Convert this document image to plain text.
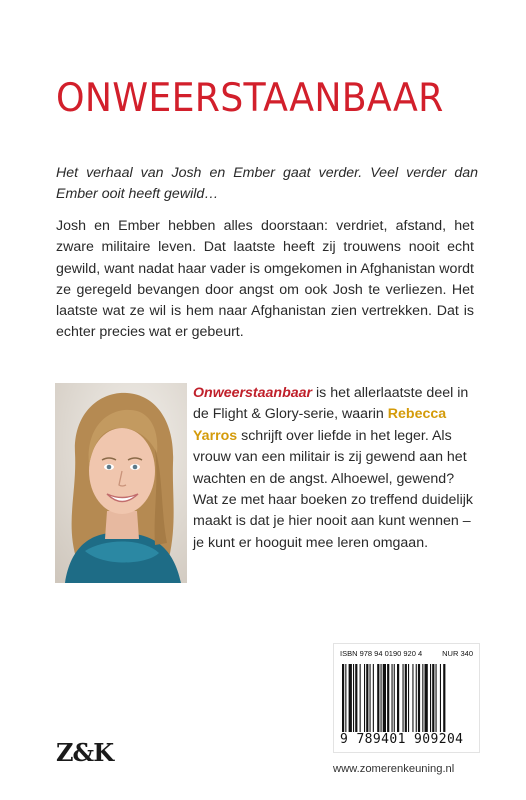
ONWEERSTAANBAAR

Het verhaal van Josh en Ember gaat verder. Veel verder dan Ember ooit heeft gewild…

Josh en Ember hebben alles doorstaan: verdriet, afstand, het zware militaire leven. Dat laatste heeft zij trouwens nooit echt gewild, want nadat haar vader is omgekomen in Afghanistan wordt ze geregeld bevangen door angst om ook Josh te verliezen. Het laatste wat ze wil is hem naar Afghanistan zien vertrekken. Dat is echter precies wat er gebeurt.

Onweerstaanbaar is het allerlaatste deel in de Flight & Glory-serie, waarin Rebecca Yarros schrijft over liefde in het leger. Als vrouw van een militair is zij gewend aan het wachten en de angst. Alhoewel, gewend? Wat ze met haar boeken zo treffend duidelijk maakt is dat je hier nooit aan kunt wennen – je kunt er hooguit mee leren omgaan.

ISBN 978 94 0190 920 4	NUR 340
9 789401 909204
Z&K
www.zomerenkeuning.nl
